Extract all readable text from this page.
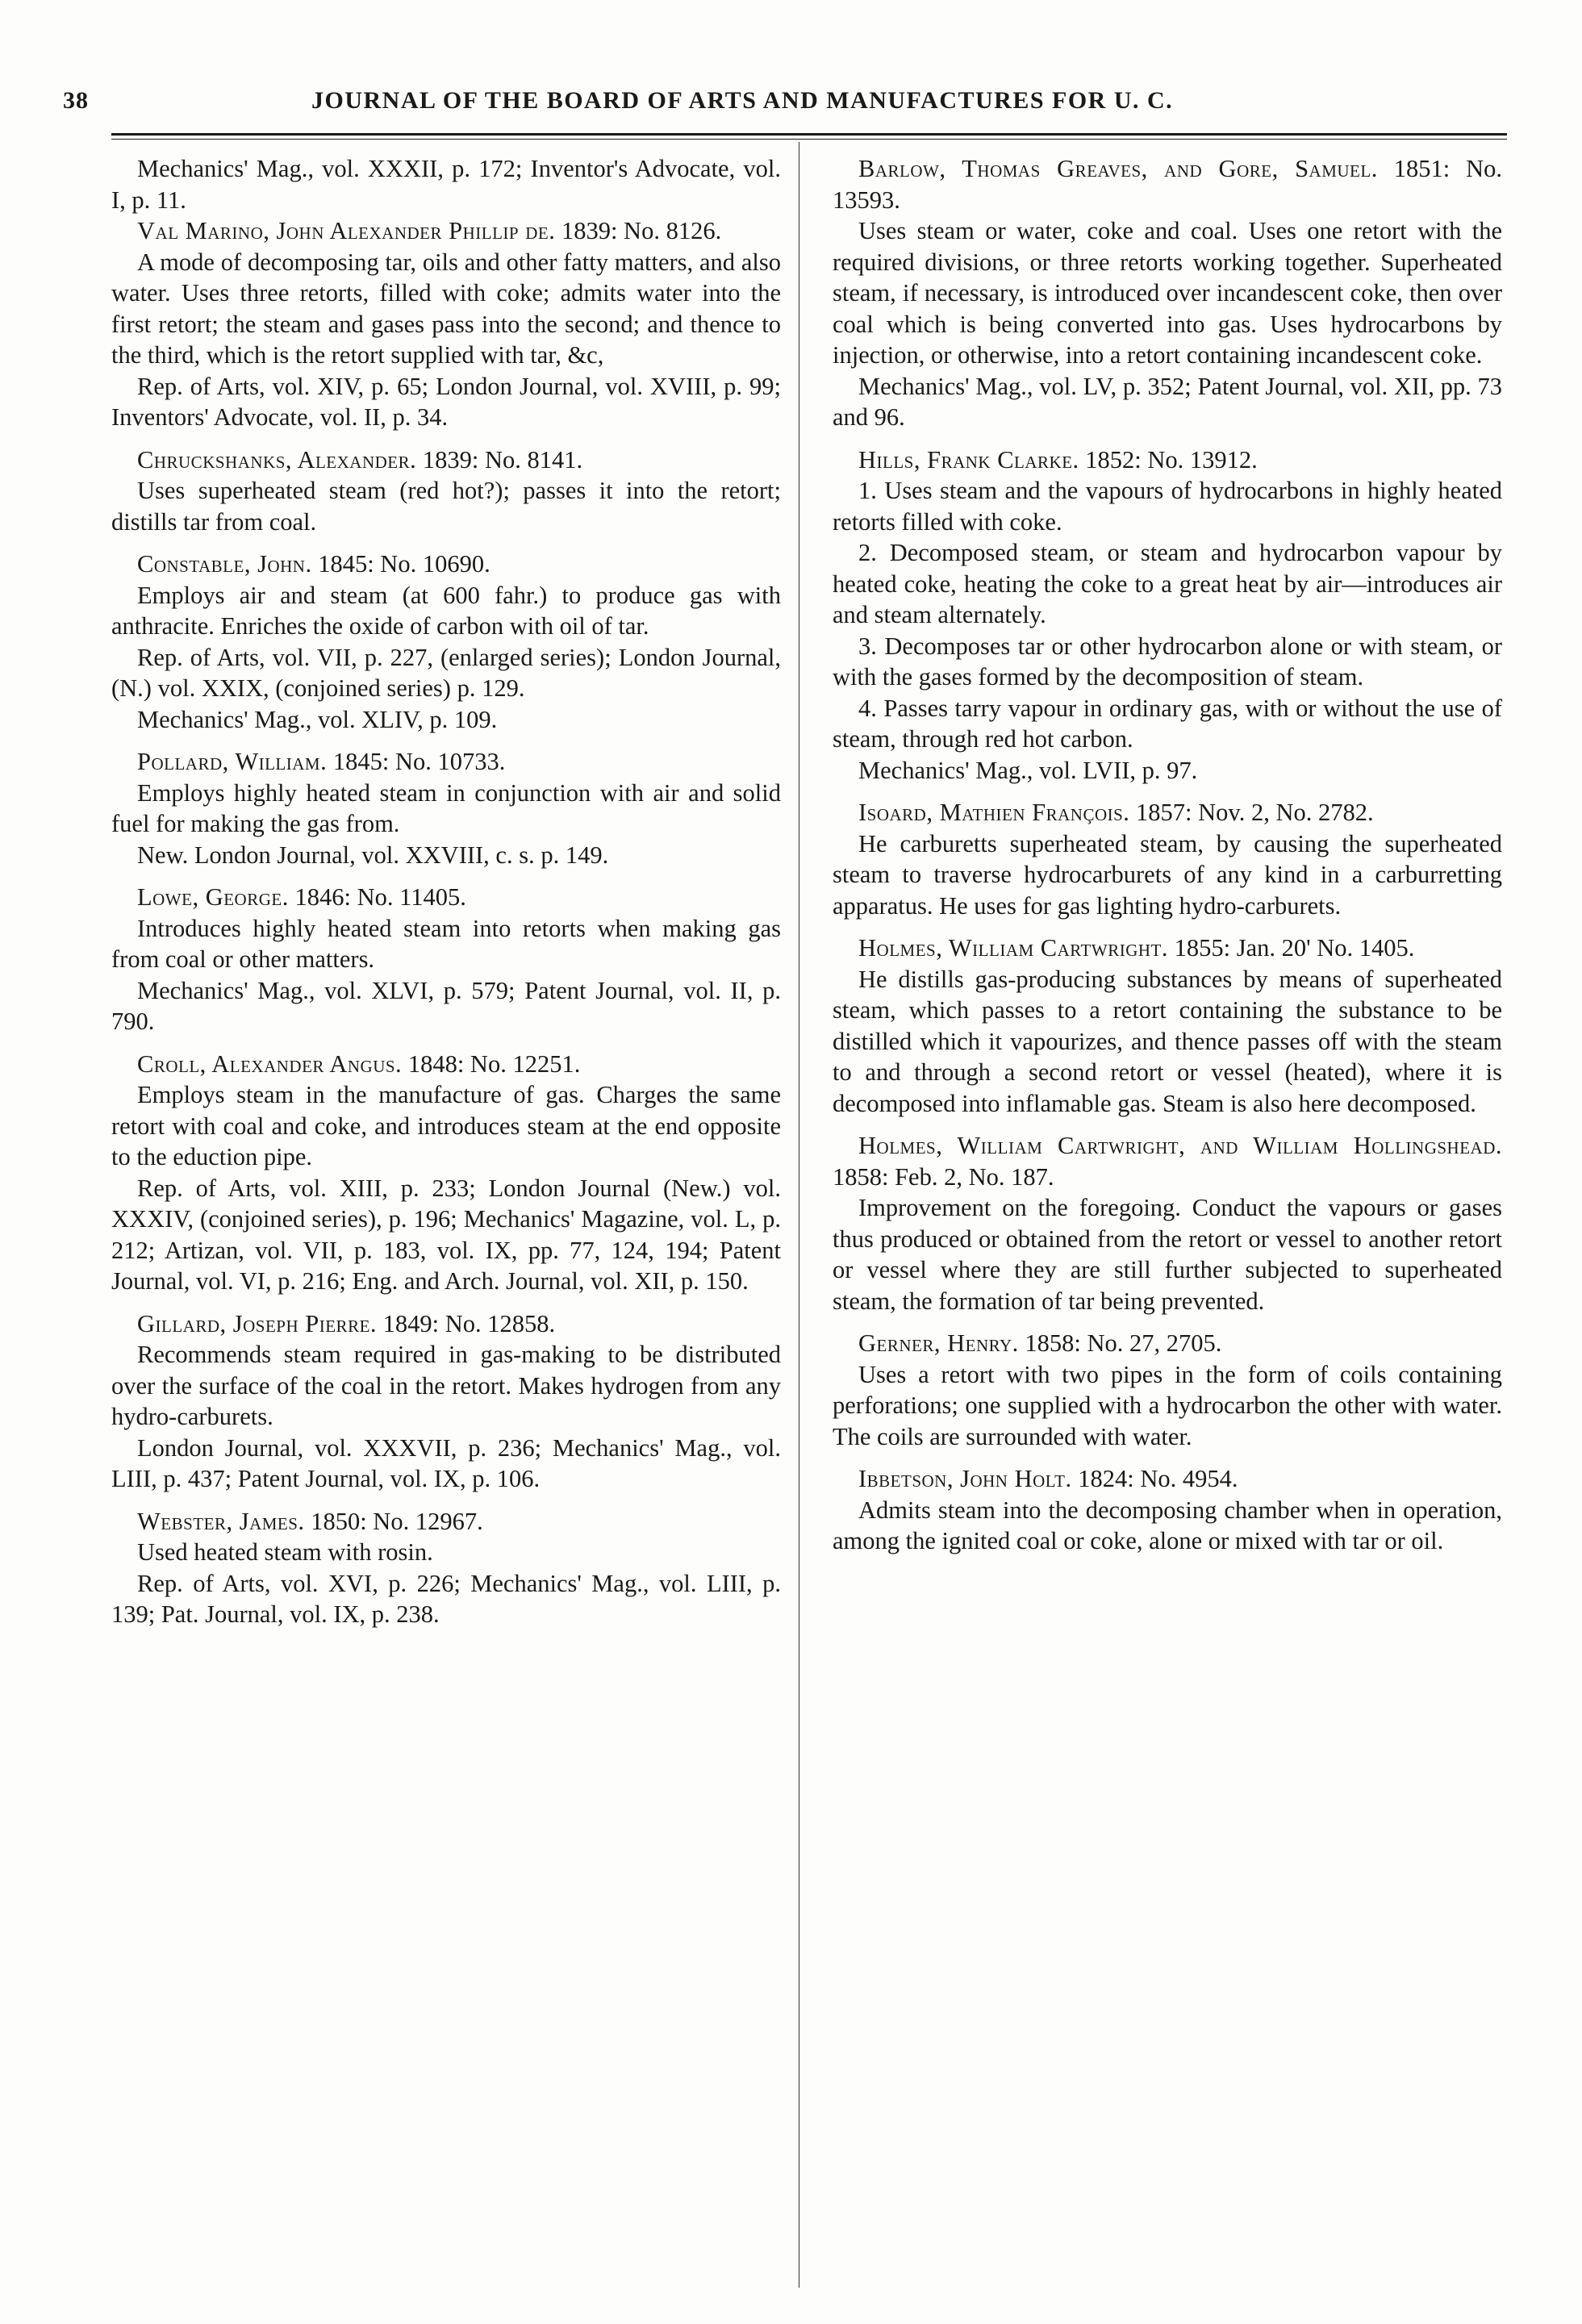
38	JOURNAL OF THE BOARD OF ARTS AND MANUFACTURES FOR U. C.

Mechanics' Mag., vol. XXXII, p. 172; Inventor's Advocate, vol. I, p. 11.

Val Marino, John Alexander Phillip de. 1839: No. 8126.

A mode of decomposing tar, oils and other fatty matters, and also water. Uses three retorts, filled with coke; admits water into the first retort; the steam and gases pass into the second; and thence to the third, which is the retort supplied with tar, &c,

Rep. of Arts, vol. XIV, p. 65; London Journal, vol. XVIII, p. 99; Inventors' Advocate, vol. II, p. 34.

Chruckshanks, Alexander. 1839: No. 8141.

Uses superheated steam (red hot?); passes it into the retort; distills tar from coal.

Constable, John. 1845: No. 10690.

Employs air and steam (at 600 fahr.) to produce gas with anthracite. Enriches the oxide of carbon with oil of tar.

Rep. of Arts, vol. VII, p. 227, (enlarged series); London Journal, (N.) vol. XXIX, (conjoined series) p. 129.

Mechanics' Mag., vol. XLIV, p. 109.

Pollard, William. 1845: No. 10733.

Employs highly heated steam in conjunction with air and solid fuel for making the gas from.

New. London Journal, vol. XXVIII, c. s. p. 149.

Lowe, George. 1846: No. 11405.

Introduces highly heated steam into retorts when making gas from coal or other matters.

Mechanics' Mag., vol. XLVI, p. 579; Patent Journal, vol. II, p. 790.

Croll, Alexander Angus. 1848: No. 12251.

Employs steam in the manufacture of gas. Charges the same retort with coal and coke, and introduces steam at the end opposite to the eduction pipe.

Rep. of Arts, vol. XIII, p. 233; London Journal (New.) vol. XXXIV, (conjoined series), p. 196; Mechanics' Magazine, vol. L, p. 212; Artizan, vol. VII, p. 183, vol. IX, pp. 77, 124, 194; Patent Journal, vol. VI, p. 216; Eng. and Arch. Journal, vol. XII, p. 150.

Gillard, Joseph Pierre. 1849: No. 12858.

Recommends steam required in gas-making to be distributed over the surface of the coal in the retort. Makes hydrogen from any hydro-carburets.

London Journal, vol. XXXVII, p. 236; Mechanics' Mag., vol. LIII, p. 437; Patent Journal, vol. IX, p. 106.

Webster, James. 1850: No. 12967.

Used heated steam with rosin.

Rep. of Arts, vol. XVI, p. 226; Mechanics' Mag., vol. LIII, p. 139; Pat. Journal, vol. IX, p. 238.

Barlow, Thomas Greaves, and Gore, Samuel. 1851: No. 13593.

Uses steam or water, coke and coal. Uses one retort with the required divisions, or three retorts working together. Superheated steam, if necessary, is introduced over incandescent coke, then over coal which is being converted into gas. Uses hydrocarbons by injection, or otherwise, into a retort containing incandescent coke.

Mechanics' Mag., vol. LV, p. 352; Patent Journal, vol. XII, pp. 73 and 96.

Hills, Frank Clarke. 1852: No. 13912.

1. Uses steam and the vapours of hydrocarbons in highly heated retorts filled with coke.

2. Decomposed steam, or steam and hydrocarbon vapour by heated coke, heating the coke to a great heat by air—introduces air and steam alternately.

3. Decomposes tar or other hydrocarbon alone or with steam, or with the gases formed by the decomposition of steam.

4. Passes tarry vapour in ordinary gas, with or without the use of steam, through red hot carbon.

Mechanics' Mag., vol. LVII, p. 97.

Isoard, Mathien François. 1857: Nov. 2, No. 2782.

He carburetts superheated steam, by causing the superheated steam to traverse hydrocarburets of any kind in a carburretting apparatus. He uses for gas lighting hydro-carburets.

Holmes, William Cartwright. 1855: Jan. 20' No. 1405.

He distills gas-producing substances by means of superheated steam, which passes to a retort containing the substance to be distilled which it vapourizes, and thence passes off with the steam to and through a second retort or vessel (heated), where it is decomposed into inflamable gas. Steam is also here decomposed.

Holmes, William Cartwright, and William Hollingshead. 1858: Feb. 2, No. 187.

Improvement on the foregoing. Conduct the vapours or gases thus produced or obtained from the retort or vessel to another retort or vessel where they are still further subjected to superheated steam, the formation of tar being prevented.

Gerner, Henry. 1858: No. 27, 2705.

Uses a retort with two pipes in the form of coils containing perforations; one supplied with a hydrocarbon the other with water. The coils are surrounded with water.

Ibbetson, John Holt. 1824: No. 4954.

Admits steam into the decomposing chamber when in operation, among the ignited coal or coke, alone or mixed with tar or oil.
